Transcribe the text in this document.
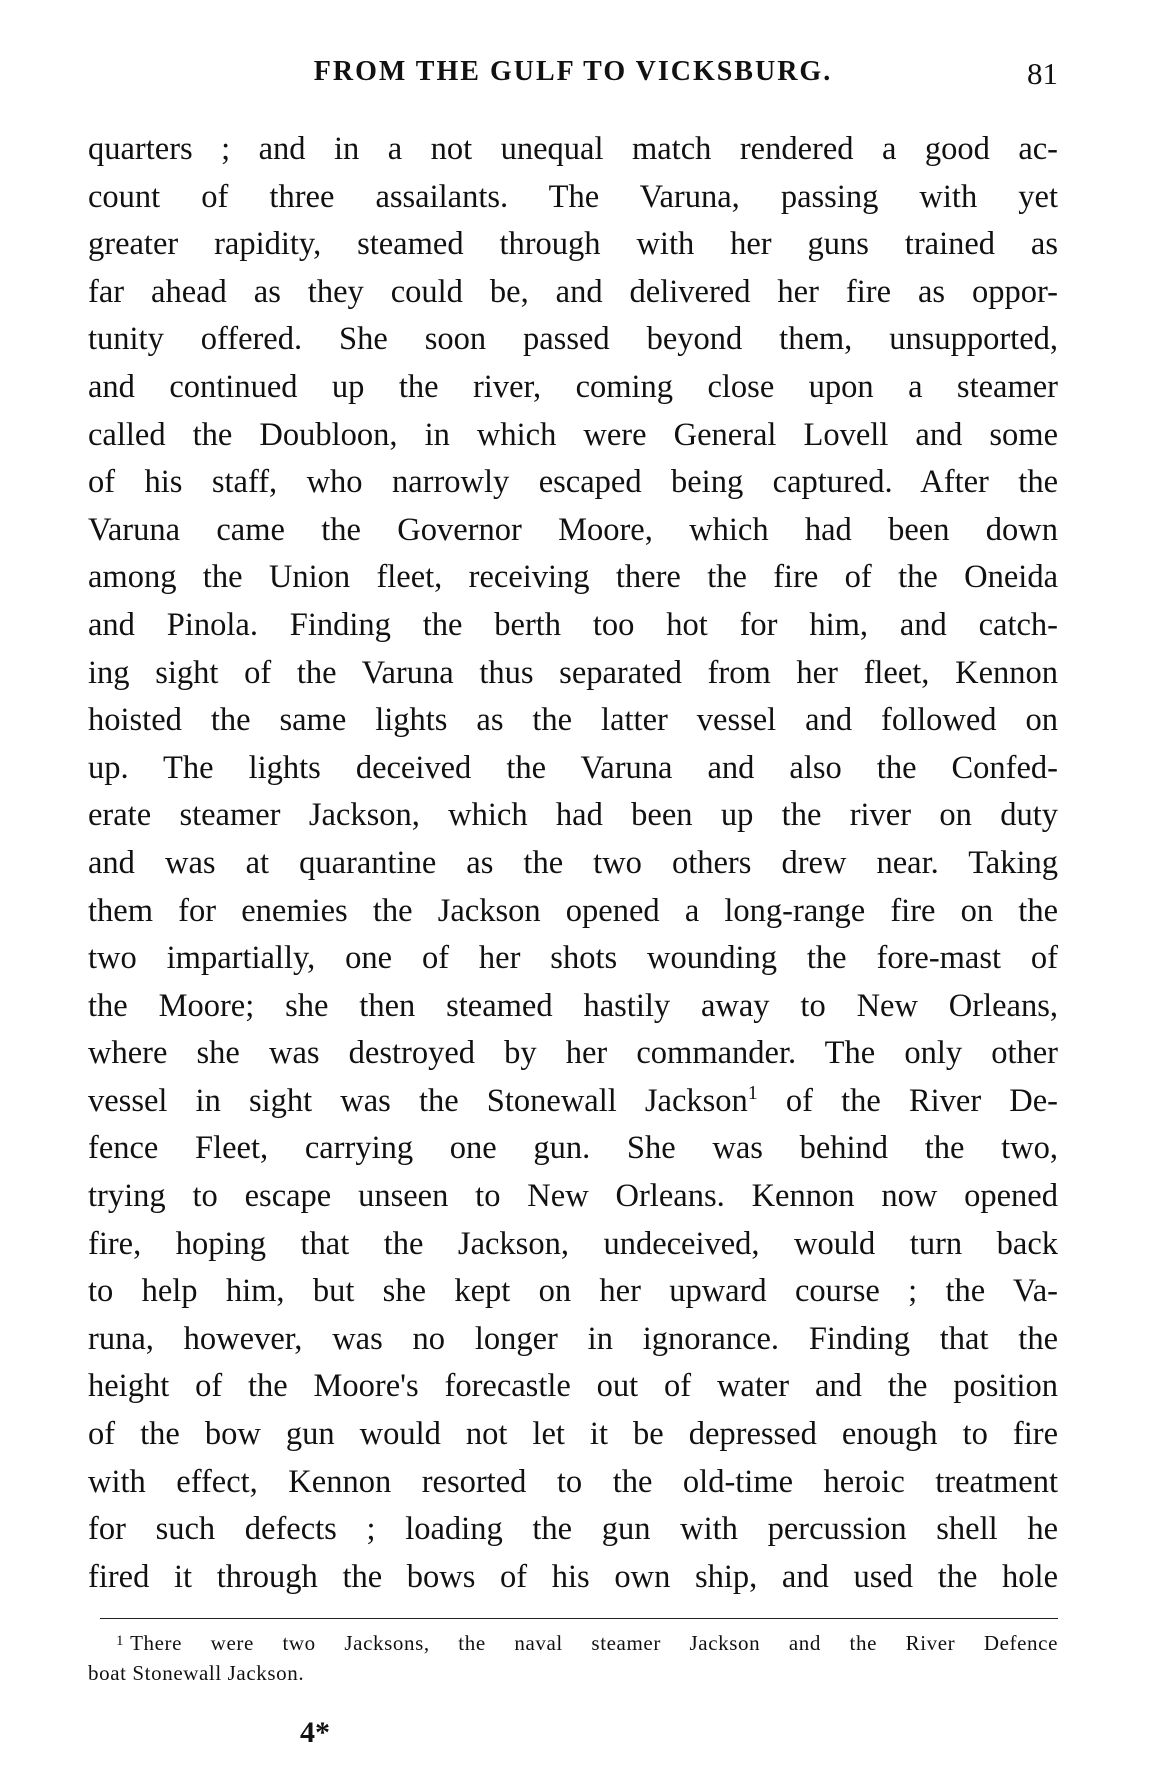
FROM THE GULF TO VICKSBURG.	81
quarters ; and in a not unequal match rendered a good ac-
count of three assailants. The Varuna, passing with yet
greater rapidity, steamed through with her guns trained as
far ahead as they could be, and delivered her fire as oppor-
tunity offered. She soon passed beyond them, unsupported,
and continued up the river, coming close upon a steamer
called the Doubloon, in which were General Lovell and some
of his staff, who narrowly escaped being captured. After the
Varuna came the Governor Moore, which had been down
among the Union fleet, receiving there the fire of the Oneida
and Pinola. Finding the berth too hot for him, and catch-
ing sight of the Varuna thus separated from her fleet, Kennon
hoisted the same lights as the latter vessel and followed on
up. The lights deceived the Varuna and also the Confed-
erate steamer Jackson, which had been up the river on duty
and was at quarantine as the two others drew near. Taking
them for enemies the Jackson opened a long-range fire on the
two impartially, one of her shots wounding the fore-mast of
the Moore; she then steamed hastily away to New Orleans,
where she was destroyed by her commander. The only other
vessel in sight was the Stonewall Jackson$^1$ of the River De-
fence Fleet, carrying one gun. She was behind the two,
trying to escape unseen to New Orleans. Kennon now opened
fire, hoping that the Jackson, undeceived, would turn back
to help him, but she kept on her upward course ; the Va-
runa, however, was no longer in ignorance. Finding that the
height of the Moore's forecastle out of water and the position
of the bow gun would not let it be depressed enough to fire
with effect, Kennon resorted to the old-time heroic treatment
for such defects ; loading the gun with percussion shell he
fired it through the bows of his own ship, and used the hole
$^1$ There were two Jacksons, the naval steamer Jackson and the River Defence
boat Stonewall Jackson.
4*
